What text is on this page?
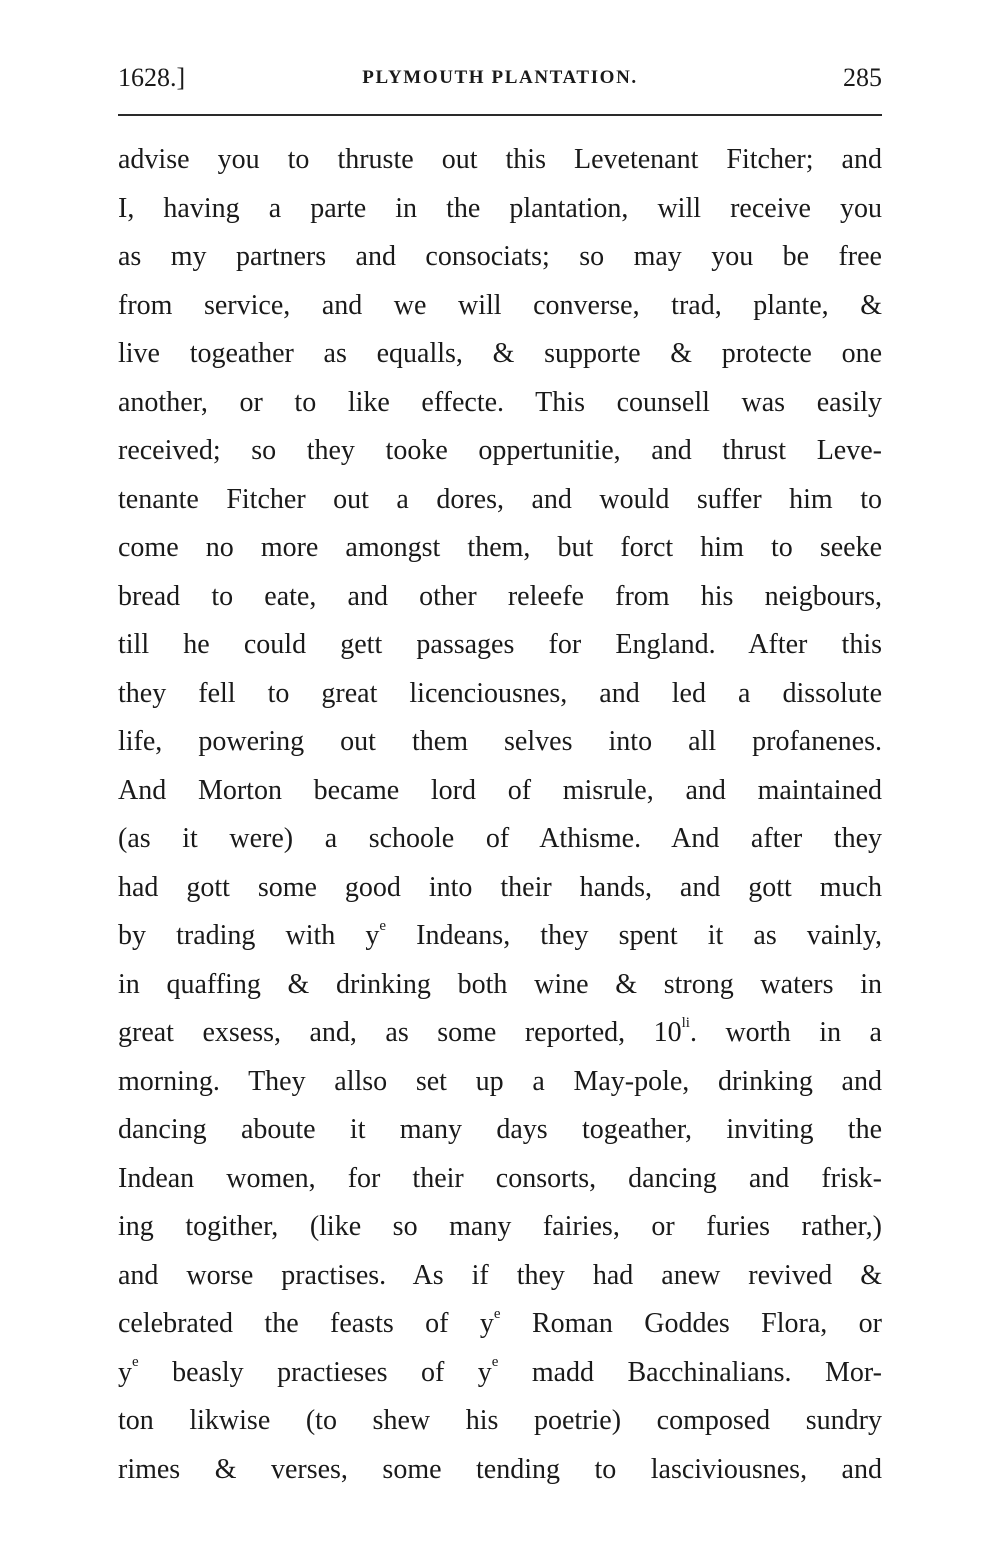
1628.]	PLYMOUTH PLANTATION.	285
advise you to thruste out this Levetenant Fitcher; and
I, having a parte in the plantation, will receive you
as my partners and consociats; so may you be free
from service, and we will converse, trad, plante, &
live togeather as equalls, & supporte & protecte one
another, or to like effecte. This counsell was easily
received; so they tooke oppertunitie, and thrust Leve-
tenante Fitcher out a dores, and would suffer him to
come no more amongst them, but forct him to seeke
bread to eate, and other releefe from his neigbours,
till he could gett passages for England. After this
they fell to great licenciousnes, and led a dissolute
life, powering out them selves into all profanenes.
And Morton became lord of misrule, and maintained
(as it were) a schoole of Athisme. And after they
had gott some good into their hands, and gott much
by trading with $y^e$ Indeans, they spent it as vainly,
in quaffing & drinking both wine & strong waters in
great exsess, and, as some reported, $10^{li}$. worth in a
morning. They allso set up a May-pole, drinking and
dancing aboute it many days togeather, inviting the
Indean women, for their consorts, dancing and frisk-
ing togither, (like so many fairies, or furies rather,)
and worse practises. As if they had anew revived &
celebrated the feasts of $y^e$ Roman Goddes Flora, or
$y^e$ beasly practieses of $y^e$ madd Bacchinalians. Mor-
ton likwise (to shew his poetrie) composed sundry
rimes & verses, some tending to lasciviousnes, and
